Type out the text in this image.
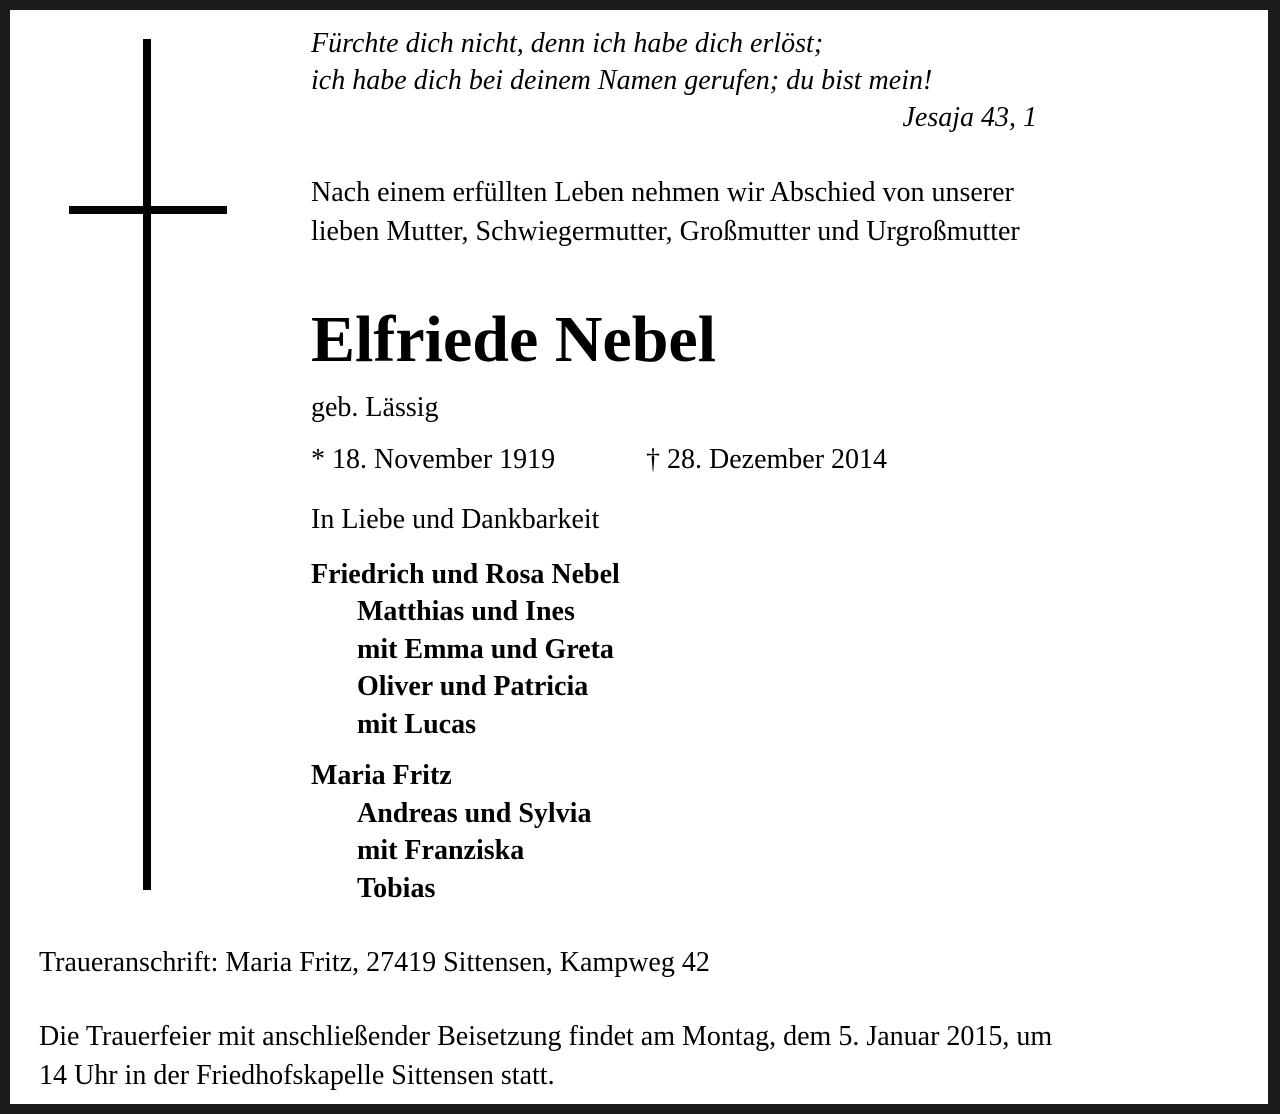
Fürchte dich nicht, denn ich habe dich erlöst;
ich habe dich bei deinem Namen gerufen; du bist mein!
Jesaja 43, 1
Nach einem erfüllten Leben nehmen wir Abschied von unserer
lieben Mutter, Schwiegermutter, Großmutter und Urgroßmutter
Elfriede Nebel
geb. Lässig
* 18. November 1919	† 28. Dezember 2014
In Liebe und Dankbarkeit
Friedrich und Rosa Nebel
Matthias und Ines
mit Emma und Greta
Oliver und Patricia
mit Lucas
Maria Fritz
Andreas und Sylvia
mit Franziska
Tobias
Traueranschrift: Maria Fritz, 27419 Sittensen, Kampweg 42
Die Trauerfeier mit anschließender Beisetzung findet am Montag, dem 5. Januar 2015, um
14 Uhr in der Friedhofskapelle Sittensen statt.
